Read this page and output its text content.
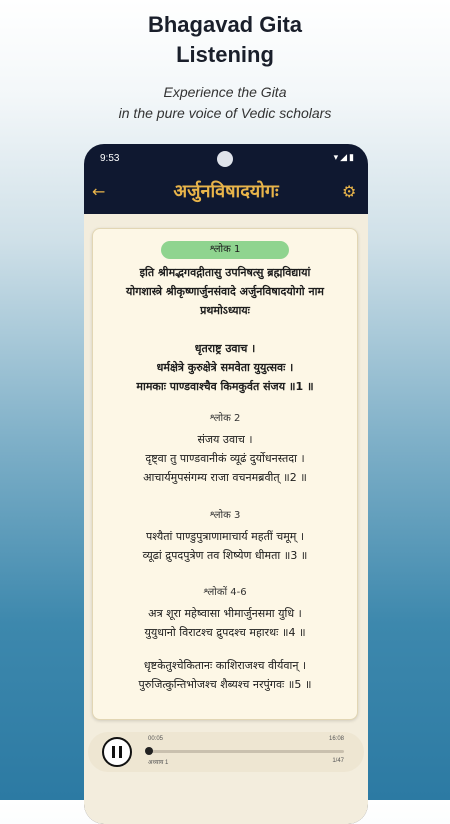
Bhagavad Gita
Listening
Experience the Gita
in the pure voice of Vedic scholars
9:53	▾◢▮
←	अर्जुनविषादयोगः	⚙
श्लोक 1
इति श्रीमद्भगवद्गीतासु उपनिषत्सु ब्रह्मविद्यायां
योगशास्त्रे श्रीकृष्णार्जुनसंवादे अर्जुनविषादयोगो नाम
प्रथमोऽध्यायः
धृतराष्ट्र उवाच ।
धर्मक्षेत्रे कुरुक्षेत्रे समवेता युयुत्सवः ।
मामकाः पाण्डवाश्चैव किमकुर्वत संजय ॥1 ॥
श्लोक 2
संजय उवाच ।
दृष्ट्वा तु पाण्डवानीकं व्यूढं दुर्योधनस्तदा ।
आचार्यमुपसंगम्य राजा वचनमब्रवीत् ॥2 ॥
श्लोक 3
पश्यैतां पाण्डुपुत्राणामाचार्य महतीं चमूम् ।
व्यूढां द्रुपदपुत्रेण तव शिष्येण धीमता ॥3 ॥
श्लोकों 4-6
अत्र शूरा महेष्वासा भीमार्जुनसमा युधि ।
युयुधानो विराटश्च द्रुपदश्च महारथः ॥4 ॥
धृष्टकेतुश्चेकितानः काशिराजश्च वीर्यवान् ।
पुरुजित्कुन्तिभोजश्च शैब्यश्च नरपुंगवः ॥5 ॥
00:05	16:08
अध्याय 1	1/47
